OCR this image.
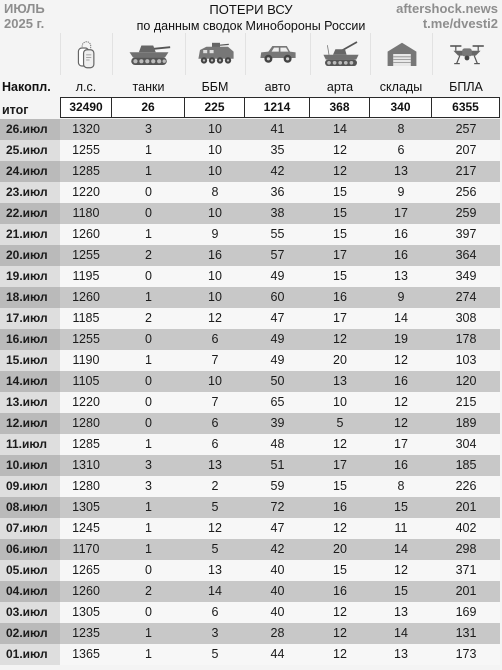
ИЮЛЬ
2025 г.
ПОТЕРИ ВСУ
по данным сводок Минобороны России
aftershock.news
t.me/dvesti2
Накопл.	л.с.	танки	ББМ	авто	арта	склады	БПЛА
итог	32490	26	225	1214	368	340	6355
26.июл	1320	3	10	41	14	8	257
25.июл	1255	1	10	35	12	6	207
24.июл	1285	1	10	42	12	13	217
23.июл	1220	0	8	36	15	9	256
22.июл	1180	0	10	38	15	17	259
21.июл	1260	1	9	55	15	16	397
20.июл	1255	2	16	57	17	16	364
19.июл	1195	0	10	49	15	13	349
18.июл	1260	1	10	60	16	9	274
17.июл	1185	2	12	47	17	14	308
16.июл	1255	0	6	49	12	19	178
15.июл	1190	1	7	49	20	12	103
14.июл	1105	0	10	50	13	16	120
13.июл	1220	0	7	65	10	12	215
12.июл	1280	0	6	39	5	12	189
11.июл	1285	1	6	48	12	17	304
10.июл	1310	3	13	51	17	16	185
09.июл	1280	3	2	59	15	8	226
08.июл	1305	1	5	72	16	15	201
07.июл	1245	1	12	47	12	11	402
06.июл	1170	1	5	42	20	14	298
05.июл	1265	0	13	40	15	12	371
04.июл	1260	2	14	40	16	15	201
03.июл	1305	0	6	40	12	13	169
02.июл	1235	1	3	28	12	14	131
01.июл	1365	1	5	44	12	13	173
